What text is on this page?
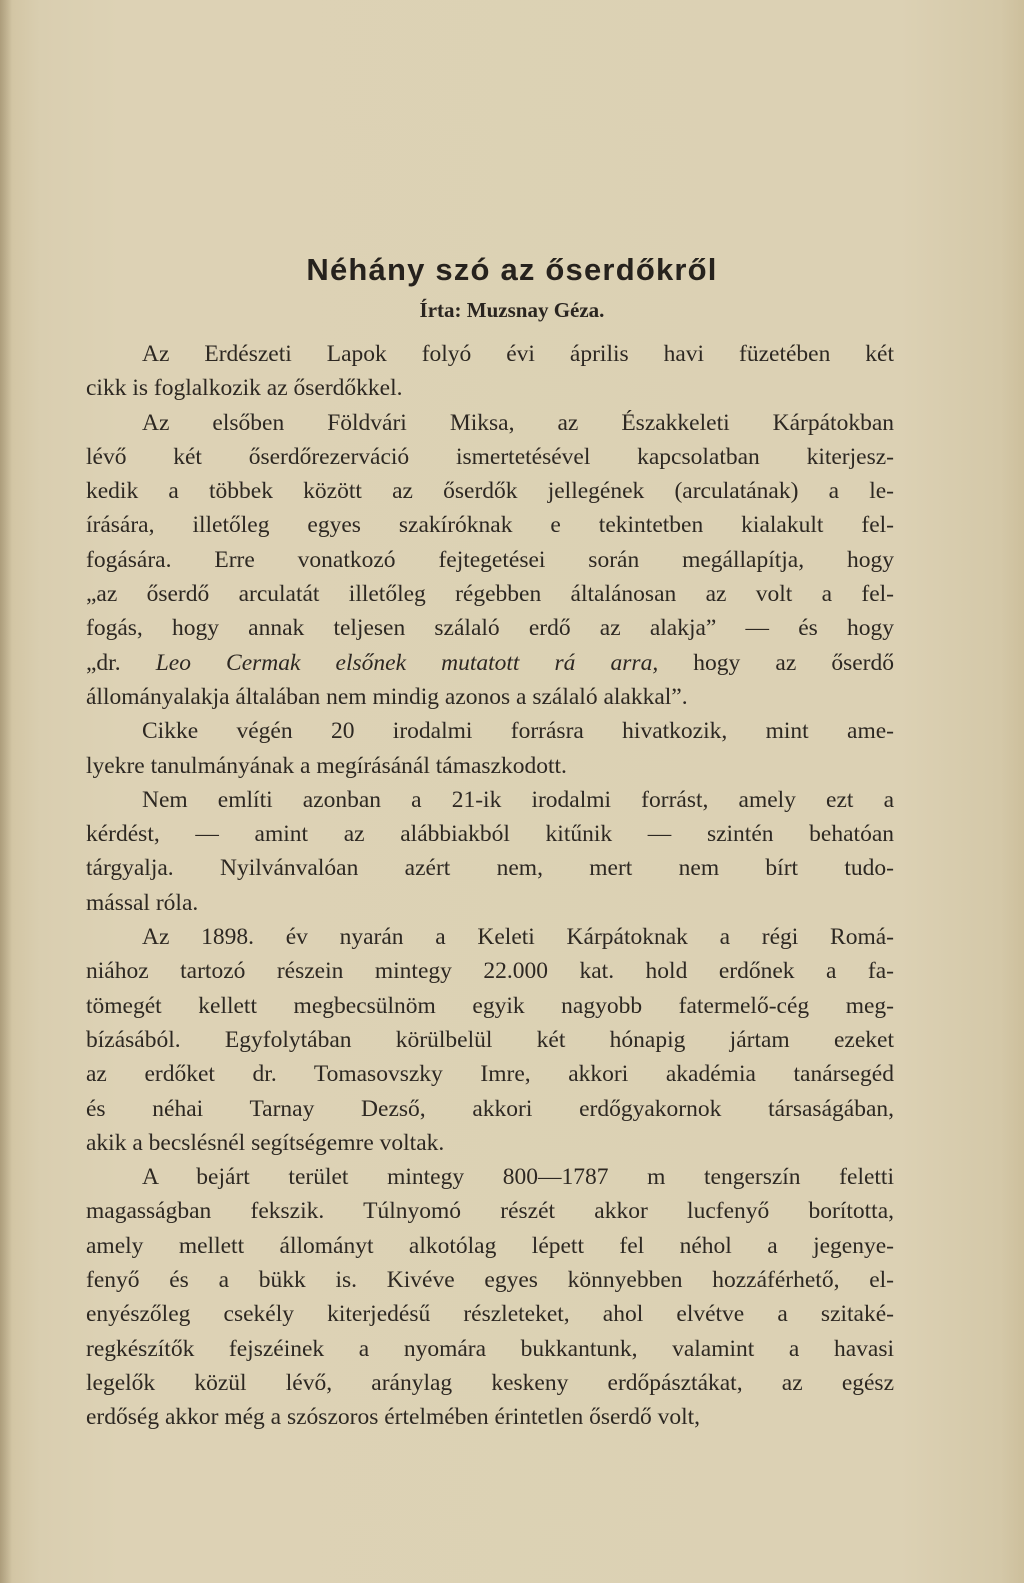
Néhány szó az őserdőkről

Írta: Muzsnay Géza.

Az Erdészeti Lapok folyó évi április havi füzetében két
cikk is foglalkozik az őserdőkkel.
Az elsőben Földvári Miksa, az Északkeleti Kárpátokban
lévő két őserdőrezerváció ismertetésével kapcsolatban kiterjesz-
kedik a többek között az őserdők jellegének (arculatának) a le-
írására, illetőleg egyes szakíróknak e tekintetben kialakult fel-
fogására. Erre vonatkozó fejtegetései során megállapítja, hogy
„az őserdő arculatát illetőleg régebben általánosan az volt a fel-
fogás, hogy annak teljesen szálaló erdő az alakja” — és hogy
„dr. Leo Cermak elsőnek mutatott rá arra, hogy az őserdő
állományalakja általában nem mindig azonos a szálaló alakkal”.
Cikke végén 20 irodalmi forrásra hivatkozik, mint ame-
lyekre tanulmányának a megírásánál támaszkodott.
Nem említi azonban a 21-ik irodalmi forrást, amely ezt a
kérdést, — amint az alábbiakból kitűnik — szintén behatóan
tárgyalja. Nyilvánvalóan azért nem, mert nem bírt tudo-
mással róla.
Az 1898. év nyarán a Keleti Kárpátoknak a régi Romá-
niához tartozó részein mintegy 22.000 kat. hold erdőnek a fa-
tömegét kellett megbecsülnöm egyik nagyobb fatermelő-cég meg-
bízásából. Egyfolytában körülbelül két hónapig jártam ezeket
az erdőket dr. Tomasovszky Imre, akkori akadémia tanársegéd
és néhai Tarnay Dezső, akkori erdőgyakornok társaságában,
akik a becslésnél segítségemre voltak.
A bejárt terület mintegy 800—1787 m tengerszín feletti
magasságban fekszik. Túlnyomó részét akkor lucfenyő borította,
amely mellett állományt alkotólag lépett fel néhol a jegenye-
fenyő és a bükk is. Kivéve egyes könnyebben hozzáférhető, el-
enyészőleg csekély kiterjedésű részleteket, ahol elvétve a szitaké-
regkészítők fejszéinek a nyomára bukkantunk, valamint a havasi
legelők közül lévő, aránylag keskeny erdőpásztákat, az egész
erdőség akkor még a szószoros értelmében érintetlen őserdő volt,
